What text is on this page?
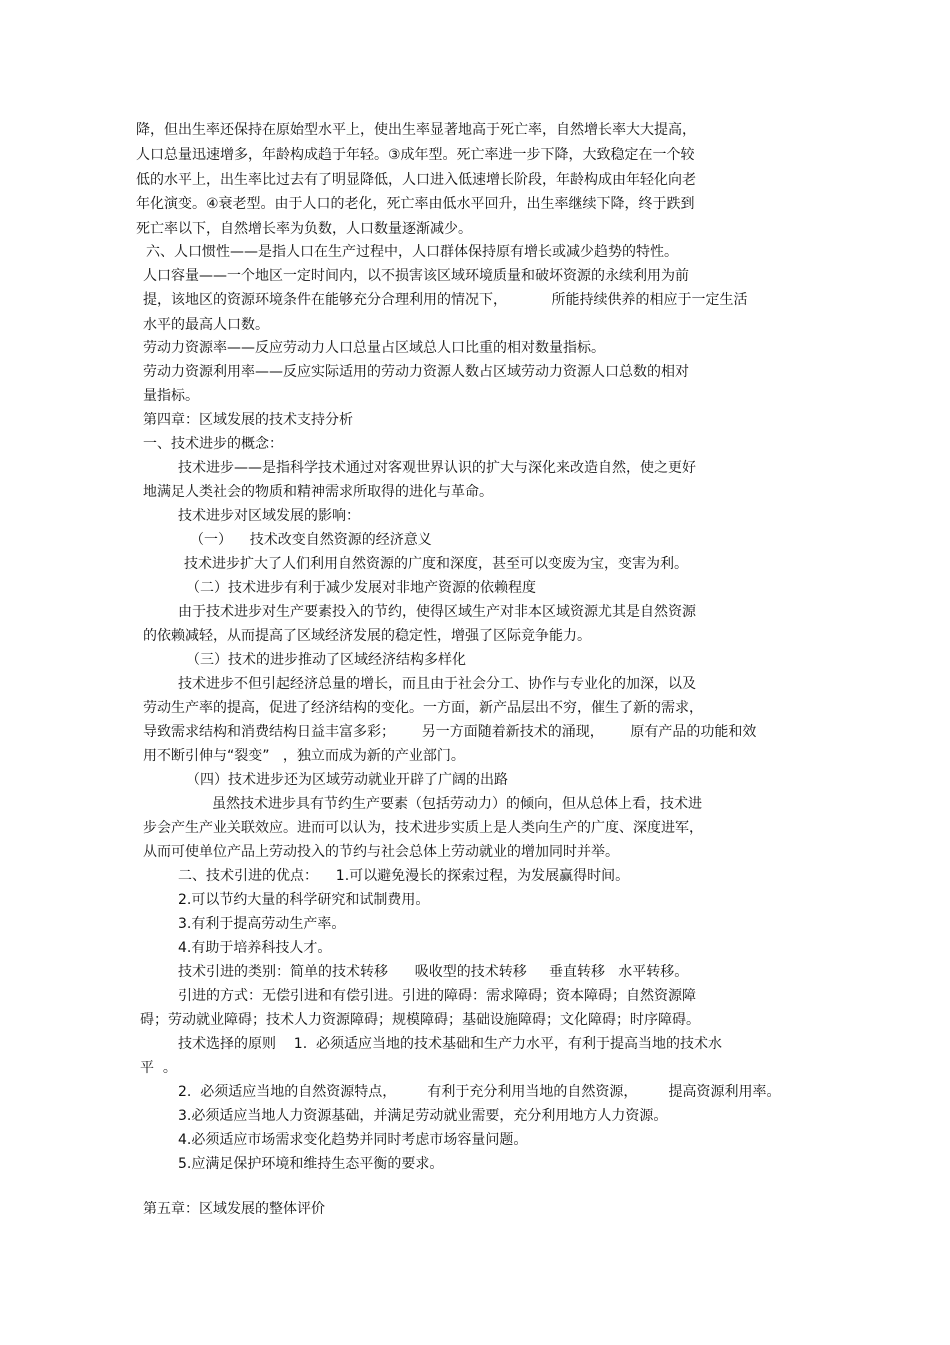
降，但出生率还保持在原始型水平上，使出生率显著地高于死亡率，自然增长率大大提高，
人口总量迅速增多，年龄构成趋于年轻。③成年型。死亡率进一步下降，大致稳定在一个较
低的水平上，出生率比过去有了明显降低，人口进入低速增长阶段，年龄构成由年轻化向老
年化演变。④衰老型。由于人口的老化，死亡率由低水平回升，出生率继续下降，终于跌到
死亡率以下，自然增长率为负数，人口数量逐渐减少。
六、人口惯性——是指人口在生产过程中，人口群体保持原有增长或减少趋势的特性。
人口容量——一个地区一定时间内，以不损害该区域环境质量和破坏资源的永续利用为前
提，该地区的资源环境条件在能够充分合理利用的情况下，          所能持续供养的相应于一定生活
水平的最高人口数。
劳动力资源率——反应劳动力人口总量占区域总人口比重的相对数量指标。
劳动力资源利用率——反应实际适用的劳动力资源人数占区域劳动力资源人口总数的相对
量指标。
第四章：区域发展的技术支持分析
一、技术进步的概念：
技术进步——是指科学技术通过对客观世界认识的扩大与深化来改造自然，使之更好
地满足人类社会的物质和精神需求所取得的进化与革命。
技术进步对区域发展的影响：
（一）    技术改变自然资源的经济意义
技术进步扩大了人们利用自然资源的广度和深度，甚至可以变废为宝，变害为利。
（二）技术进步有利于减少发展对非地产资源的依赖程度
由于技术进步对生产要素投入的节约，使得区域生产对非本区域资源尤其是自然资源
的依赖减轻，从而提高了区域经济发展的稳定性，增强了区际竞争能力。
（三）技术的进步推动了区域经济结构多样化
技术进步不但引起经济总量的增长，而且由于社会分工、协作与专业化的加深，以及
劳动生产率的提高，促进了经济结构的变化。一方面，新产品层出不穷，催生了新的需求，
导致需求结构和消费结构日益丰富多彩；      另一方面随着新技术的涌现，      原有产品的功能和效
用不断引伸与“裂变”   ，独立而成为新的产业部门。
（四）技术进步还为区域劳动就业开辟了广阔的出路
虽然技术进步具有节约生产要素（包括劳动力）的倾向，但从总体上看，技术进
步会产生产业关联效应。进而可以认为，技术进步实质上是人类向生产的广度、深度进军，
从而可使单位产品上劳动投入的节约与社会总体上劳动就业的增加同时并举。
二、技术引进的优点：    1.可以避免漫长的探索过程，为发展赢得时间。
2.可以节约大量的科学研究和试制费用。
3.有利于提高劳动生产率。
4.有助于培养科技人才。
技术引进的类别：简单的技术转移      吸收型的技术转移     垂直转移   水平转移。
引进的方式：无偿引进和有偿引进。引进的障碍：需求障碍；资本障碍；自然资源障
碍；劳动就业障碍；技术人力资源障碍；规模障碍；基础设施障碍；文化障碍；时序障碍。
技术选择的原则    1.  必须适应当地的技术基础和生产力水平，有利于提高当地的技术水
平  。
2.  必须适应当地的自然资源特点，       有利于充分利用当地的自然资源，       提高资源利用率。
3.必须适应当地人力资源基础，并满足劳动就业需要，充分利用地方人力资源。
4.必须适应市场需求变化趋势并同时考虑市场容量问题。
5.应满足保护环境和维持生态平衡的要求。
第五章：区域发展的整体评价
